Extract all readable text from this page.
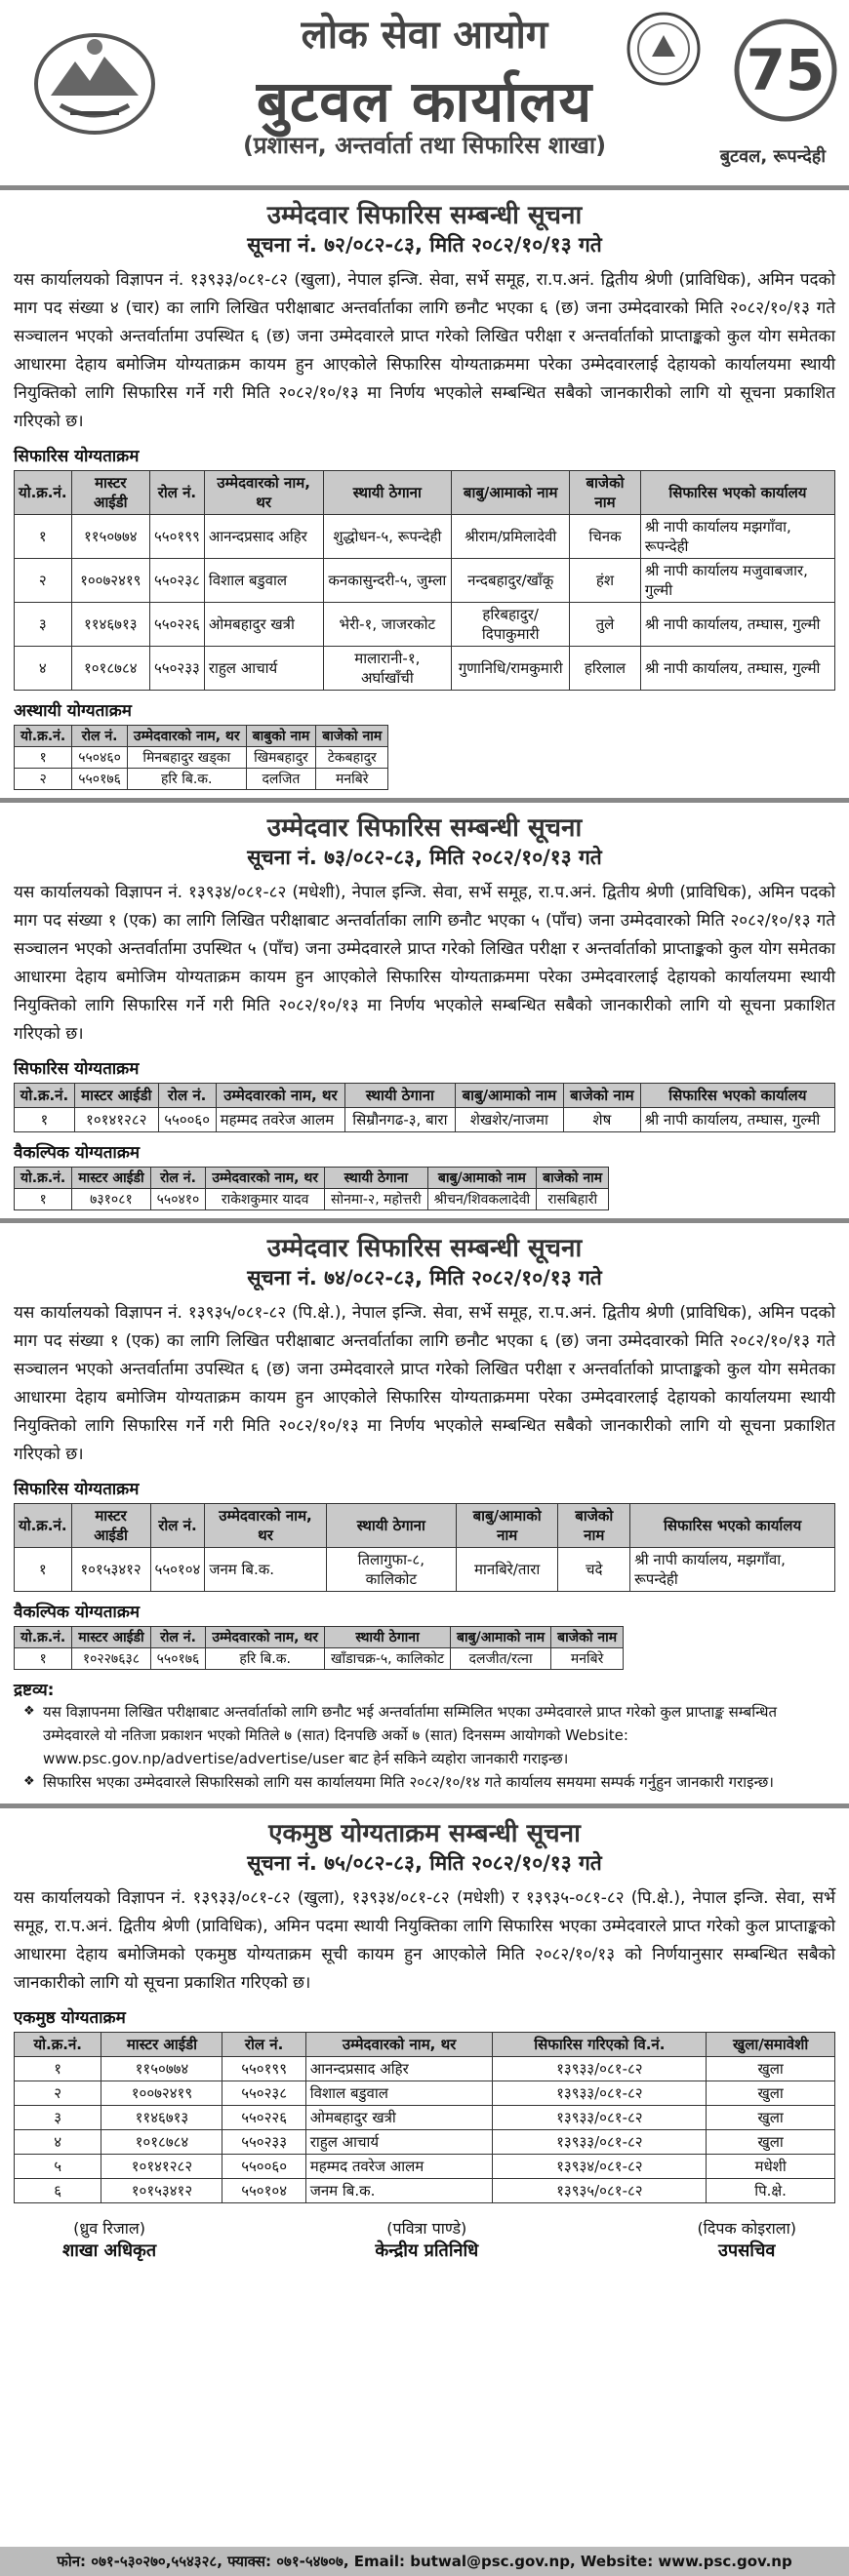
लोक सेवा आयोग
बुटवल कार्यालय
(प्रशासन, अन्तर्वार्ता तथा सिफारिस शाखा)
75
बुटवल, रूपन्देही
उम्मेदवार सिफारिस सम्बन्धी सूचना
सूचना नं. ७२/०८२-८३, मिति २०८२/१०/१३ गते
यस कार्यालयको विज्ञापन नं. १३९३३/०८१-८२ (खुला), नेपाल इन्जि. सेवा, सर्भे समूह, रा.प.अनं. द्वितीय श्रेणी (प्राविधिक), अमिन पदको माग पद संख्या ४ (चार) का लागि लिखित परीक्षाबाट अन्तर्वार्ताका लागि छनौट भएका ६ (छ) जना उम्मेदवारको मिति २०८२/१०/१३ गते सञ्चालन भएको अन्तर्वार्तामा उपस्थित ६ (छ) जना उम्मेदवारले प्राप्त गरेको लिखित परीक्षा र अन्तर्वार्ताको प्राप्ताङ्कको कुल योग समेतका आधारमा देहाय बमोजिम योग्यताक्रम कायम हुन आएकोले सिफारिस योग्यताक्रममा परेका उम्मेदवारलाई देहायको कार्यालयमा स्थायी नियुक्तिको लागि सिफारिस गर्ने गरी मिति २०८२/१०/१३ मा निर्णय भएकोले सम्बन्धित सबैको जानकारीको लागि यो सूचना प्रकाशित गरिएको छ।
सिफारिस योग्यताक्रम
यो.क्र.नं.	मास्टर आईडी	रोल नं.	उम्मेदवारको नाम, थर	स्थायी ठेगाना	बाबु/आमाको नाम	बाजेको नाम	सिफारिस भएको कार्यालय
१	११५०७७४	५५०१९९	आनन्दप्रसाद अहिर	शुद्धोधन-५, रूपन्देही	श्रीराम/प्रमिलादेवी	चिनक	श्री नापी कार्यालय मझगाँवा, रूपन्देही
२	१००७२४१९	५५०२३८	विशाल बडुवाल	कनकासुन्दरी-५, जुम्ला	नन्दबहादुर/खाँकू	हंश	श्री नापी कार्यालय मजुवाबजार, गुल्मी
३	११४६७१३	५५०२२६	ओमबहादुर खत्री	भेरी-१, जाजरकोट	हरिबहादुर/दिपाकुमारी	तुले	श्री नापी कार्यालय, तम्घास, गुल्मी
४	१०१८७८४	५५०२३३	राहुल आचार्य	मालारानी-१, अर्घाखाँची	गुणानिधि/रामकुमारी	हरिलाल	श्री नापी कार्यालय, तम्घास, गुल्मी
अस्थायी योग्यताक्रम
यो.क्र.नं.	रोल नं.	उम्मेदवारको नाम, थर	बाबुको नाम	बाजेको नाम
१	५५०४६०	मिनबहादुर खड्का	खिमबहादुर	टेकबहादुर
२	५५०१७६	हरि बि.क.	दलजित	मनबिरे
उम्मेदवार सिफारिस सम्बन्धी सूचना
सूचना नं. ७३/०८२-८३, मिति २०८२/१०/१३ गते
यस कार्यालयको विज्ञापन नं. १३९३४/०८१-८२ (मधेशी), नेपाल इन्जि. सेवा, सर्भे समूह, रा.प.अनं. द्वितीय श्रेणी (प्राविधिक), अमिन पदको माग पद संख्या १ (एक) का लागि लिखित परीक्षाबाट अन्तर्वार्ताका लागि छनौट भएका ५ (पाँच) जना उम्मेदवारको मिति २०८२/१०/१३ गते सञ्चालन भएको अन्तर्वार्तामा उपस्थित ५ (पाँच) जना उम्मेदवारले प्राप्त गरेको लिखित परीक्षा र अन्तर्वार्ताको प्राप्ताङ्कको कुल योग समेतका आधारमा देहाय बमोजिम योग्यताक्रम कायम हुन आएकोले सिफारिस योग्यताक्रममा परेका उम्मेदवारलाई देहायको कार्यालयमा स्थायी नियुक्तिको लागि सिफारिस गर्ने गरी मिति २०८२/१०/१३ मा निर्णय भएकोले सम्बन्धित सबैको जानकारीको लागि यो सूचना प्रकाशित गरिएको छ।
सिफारिस योग्यताक्रम
यो.क्र.नं.	मास्टर आईडी	रोल नं.	उम्मेदवारको नाम, थर	स्थायी ठेगाना	बाबु/आमाको नाम	बाजेको नाम	सिफारिस भएको कार्यालय
१	१०१४१२८२	५५००६०	महम्मद तवरेज आलम	सिम्रौनगढ-३, बारा	शेखशेर/नाजमा	शेष	श्री नापी कार्यालय, तम्घास, गुल्मी
वैकल्पिक योग्यताक्रम
यो.क्र.नं.	मास्टर आईडी	रोल नं.	उम्मेदवारको नाम, थर	स्थायी ठेगाना	बाबु/आमाको नाम	बाजेको नाम
१	७३१०८१	५५०४१०	राकेशकुमार यादव	सोनमा-२, महोत्तरी	श्रीचन/शिवकलादेवी	रासबिहारी
उम्मेदवार सिफारिस सम्बन्धी सूचना
सूचना नं. ७४/०८२-८३, मिति २०८२/१०/१३ गते
यस कार्यालयको विज्ञापन नं. १३९३५/०८१-८२ (पि.क्षे.), नेपाल इन्जि. सेवा, सर्भे समूह, रा.प.अनं. द्वितीय श्रेणी (प्राविधिक), अमिन पदको माग पद संख्या १ (एक) का लागि लिखित परीक्षाबाट अन्तर्वार्ताका लागि छनौट भएका ६ (छ) जना उम्मेदवारको मिति २०८२/१०/१३ गते सञ्चालन भएको अन्तर्वार्तामा उपस्थित ६ (छ) जना उम्मेदवारले प्राप्त गरेको लिखित परीक्षा र अन्तर्वार्ताको प्राप्ताङ्कको कुल योग समेतका आधारमा देहाय बमोजिम योग्यताक्रम कायम हुन आएकोले सिफारिस योग्यताक्रममा परेका उम्मेदवारलाई देहायको कार्यालयमा स्थायी नियुक्तिको लागि सिफारिस गर्ने गरी मिति २०८२/१०/१३ मा निर्णय भएकोले सम्बन्धित सबैको जानकारीको लागि यो सूचना प्रकाशित गरिएको छ।
सिफारिस योग्यताक्रम
यो.क्र.नं.	मास्टर आईडी	रोल नं.	उम्मेदवारको नाम, थर	स्थायी ठेगाना	बाबु/आमाको नाम	बाजेको नाम	सिफारिस भएको कार्यालय
१	१०१५३४१२	५५०१०४	जनम बि.क.	तिलागुफा-८, कालिकोट	मानबिरे/तारा	चदे	श्री नापी कार्यालय, मझगाँवा, रूपन्देही
वैकल्पिक योग्यताक्रम
यो.क्र.नं.	मास्टर आईडी	रोल नं.	उम्मेदवारको नाम, थर	स्थायी ठेगाना	बाबु/आमाको नाम	बाजेको नाम
१	१०२२७६३८	५५०१७६	हरि बि.क.	खाँडाचक्र-५, कालिकोट	दलजीत/रत्ना	मनबिरे
द्रष्टव्य:
❖ यस विज्ञापनमा लिखित परीक्षाबाट अन्तर्वार्ताको लागि छनौट भई अन्तर्वार्तामा सम्मिलित भएका उम्मेदवारले प्राप्त गरेको कुल प्राप्ताङ्क सम्बन्धित उम्मेदवारले यो नतिजा प्रकाशन भएको मितिले ७ (सात) दिनपछि अर्को ७ (सात) दिनसम्म आयोगको Website: www.psc.gov.np/advertise/advertise/user बाट हेर्न सकिने व्यहोरा जानकारी गराइन्छ।
❖ सिफारिस भएका उम्मेदवारले सिफारिसको लागि यस कार्यालयमा मिति २०८२/१०/१४ गते कार्यालय समयमा सम्पर्क गर्नुहुन जानकारी गराइन्छ।
एकमुष्ठ योग्यताक्रम सम्बन्धी सूचना
सूचना नं. ७५/०८२-८३, मिति २०८२/१०/१३ गते
यस कार्यालयको विज्ञापन नं. १३९३३/०८१-८२ (खुला), १३९३४/०८१-८२ (मधेशी) र १३९३५-०८१-८२ (पि.क्षे.), नेपाल इन्जि. सेवा, सर्भे समूह, रा.प.अनं. द्वितीय श्रेणी (प्राविधिक), अमिन पदमा स्थायी नियुक्तिका लागि सिफारिस भएका उम्मेदवारले प्राप्त गरेको कुल प्राप्ताङ्कको आधारमा देहाय बमोजिमको एकमुष्ठ योग्यताक्रम सूची कायम हुन आएकोले मिति २०८२/१०/१३ को निर्णयानुसार सम्बन्धित सबैको जानकारीको लागि यो सूचना प्रकाशित गरिएको छ।
एकमुष्ठ योग्यताक्रम
यो.क्र.नं.	मास्टर आईडी	रोल नं.	उम्मेदवारको नाम, थर	सिफारिस गरिएको वि.नं.	खुला/समावेशी
१	११५०७७४	५५०१९९	आनन्दप्रसाद अहिर	१३९३३/०८१-८२	खुला
२	१००७२४१९	५५०२३८	विशाल बडुवाल	१३९३३/०८१-८२	खुला
३	११४६७१३	५५०२२६	ओमबहादुर खत्री	१३९३३/०८१-८२	खुला
४	१०१८७८४	५५०२३३	राहुल आचार्य	१३९३३/०८१-८२	खुला
५	१०१४१२८२	५५००६०	महम्मद तवरेज आलम	१३९३४/०८१-८२	मधेशी
६	१०१५३४१२	५५०१०४	जनम बि.क.	१३९३५/०८१-८२	पि.क्षे.
(ध्रुव रिजाल)
शाखा अधिकृत
(पवित्रा पाण्डे)
केन्द्रीय प्रतिनिधि
(दिपक कोइराला)
उपसचिव
फोन: ०७१-५३०२७०,५५४३२८, फ्याक्स: ०७१-५४७०७, Email: butwal@psc.gov.np, Website: www.psc.gov.np
